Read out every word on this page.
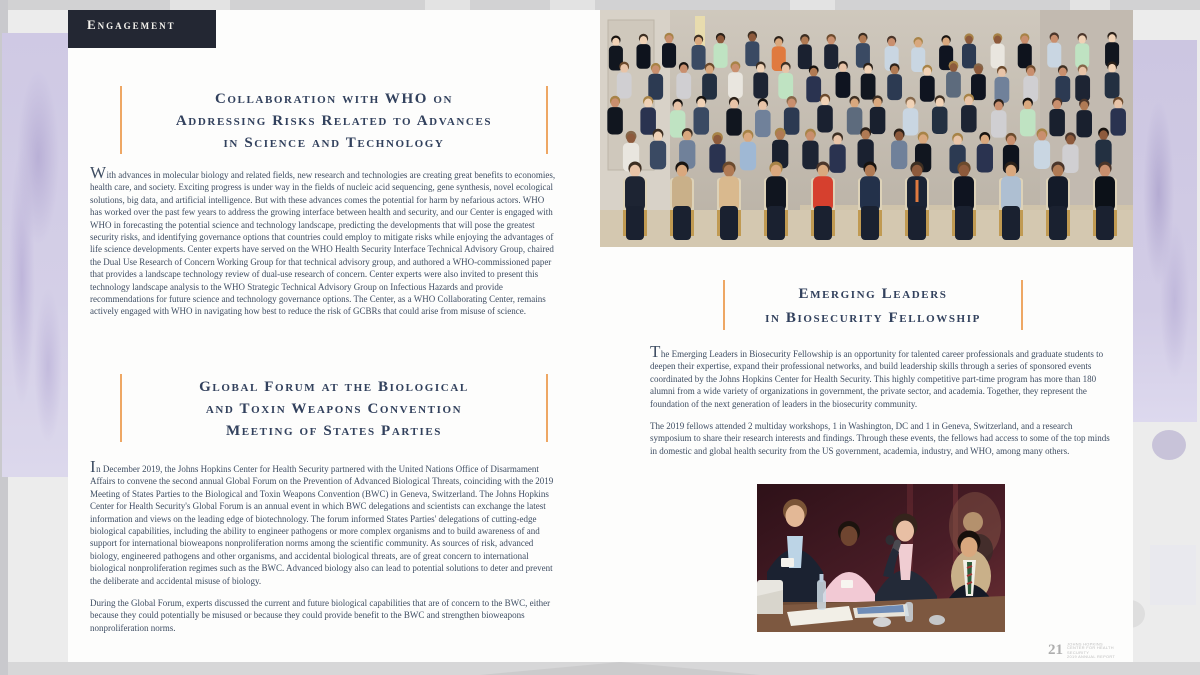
Engagement
Collaboration with WHO on
Addressing Risks Related to Advances
in Science and Technology

With advances in molecular biology and related fields, new research and technologies are creating great benefits to economies, health care, and society. Exciting progress is under way in the fields of nucleic acid sequencing, gene synthesis, novel ecological solutions, big data, and artificial intelligence. But with these advances comes the potential for harm by nefarious actors. WHO has worked over the past few years to address the growing interface between health and security, and our Center is engaged with WHO in forecasting the potential science and technology landscape, predicting the developments that will pose the greatest security risks, and identifying governance options that countries could employ to mitigate risks while enjoying the advantages of life science developments. Center experts have served on the WHO Health Security Interface Technical Advisory Group, chaired the Dual Use Research of Concern Working Group for that technical advisory group, and authored a WHO-commissioned paper that provides a landscape technology review of dual-use research of concern. Center experts were also invited to present this technology landscape analysis to the WHO Strategic Technical Advisory Group on Infectious Hazards and provide recommendations for future science and technology governance options. The Center, as a WHO Collaborating Center, remains actively engaged with WHO in navigating how best to reduce the risk of GCBRs that could arise from misuse of science.

Global Forum at the Biological
and Toxin Weapons Convention
Meeting of States Parties

In December 2019, the Johns Hopkins Center for Health Security partnered with the United Nations Office of Disarmament Affairs to convene the second annual Global Forum on the Prevention of Advanced Biological Threats, coinciding with the 2019 Meeting of States Parties to the Biological and Toxin Weapons Convention (BWC) in Geneva, Switzerland. The Johns Hopkins Center for Health Security's Global Forum is an annual event in which BWC delegations and scientists can exchange the latest information and views on the leading edge of biotechnology. The forum informed States Parties' delegations of cutting-edge biological capabilities, including the ability to engineer pathogens or more complex organisms and to build awareness of and support for international bioweapons nonproliferation norms among the scientific community. As sources of risk, advanced biology, engineered pathogens and other organisms, and accidental biological threats, are of great concern to international biological nonproliferation regimes such as the BWC. Advanced biology also can lead to potential solutions to deter and prevent the deliberate and accidental misuse of biology.

During the Global Forum, experts discussed the current and future biological capabilities that are of concern to the BWC, either because they could potentially be misused or because they could provide benefit to the BWC and strengthen bioweapons nonproliferation norms.

Emerging Leaders
in Biosecurity Fellowship

The Emerging Leaders in Biosecurity Fellowship is an opportunity for talented career professionals and graduate students to deepen their expertise, expand their professional networks, and build leadership skills through a series of sponsored events coordinated by the Johns Hopkins Center for Health Security. This highly competitive part-time program has more than 180 alumni from a wide variety of organizations in government, the private sector, and academia. Together, they represent the foundation of the next generation of leaders in the biosecurity community.

The 2019 fellows attended 2 multiday workshops, 1 in Washington, DC and 1 in Geneva, Switzerland, and a research symposium to share their research interests and findings. Through these events, the fellows had access to some of the top minds in domestic and global health security from the US government, academia, industry, and WHO, among many others.

21 JOHNS HOPKINS
CENTER FOR HEALTH SECURITY
2019 ANNUAL REPORT
